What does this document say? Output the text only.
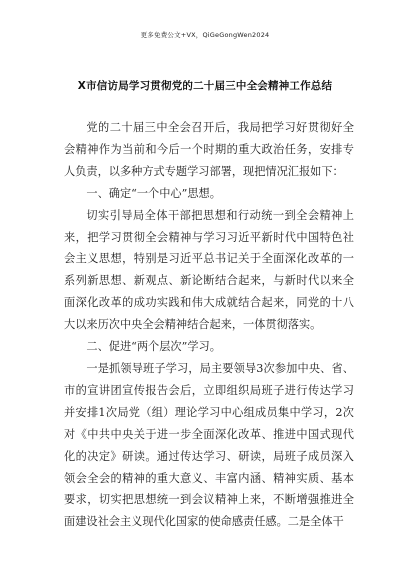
更多免费公文+VX，QiGeGongWen2024
X市信访局学习贯彻党的二十届三中全会精神工作总结

党的二十届三中全会召开后，我局把学习好贯彻好全会精神作为当前和今后一个时期的重大政治任务，安排专人负责，以多种方式专题学习部署，现把情况汇报如下：

一、确定“一个中心”思想。

切实引导局全体干部把思想和行动统一到全会精神上来，把学习贯彻全会精神与学习习近平新时代中国特色社会主义思想，特别是习近平总书记关于全面深化改革的一系列新思想、新观点、新论断结合起来，与新时代以来全面深化改革的成功实践和伟大成就结合起来，同党的十八大以来历次中央全会精神结合起来，一体贯彻落实。

二、促进“两个层次”学习。

一是抓领导班子学习，局主要领导3次参加中央、省、市的宣讲团宣传报告会后，立即组织局班子进行传达学习并安排1次局党（组）理论学习中心组成员集中学习，2次对《中共中央关于进一步全面深化改革、推进中国式现代化的决定》研读。通过传达学习、研读，局班子成员深入领会全会的精神的重大意义、丰富内涵、精神实质、基本要求，切实把思想统一到会议精神上来，不断增强推进全面建设社会主义现代化国家的使命感责任感。二是全体干
